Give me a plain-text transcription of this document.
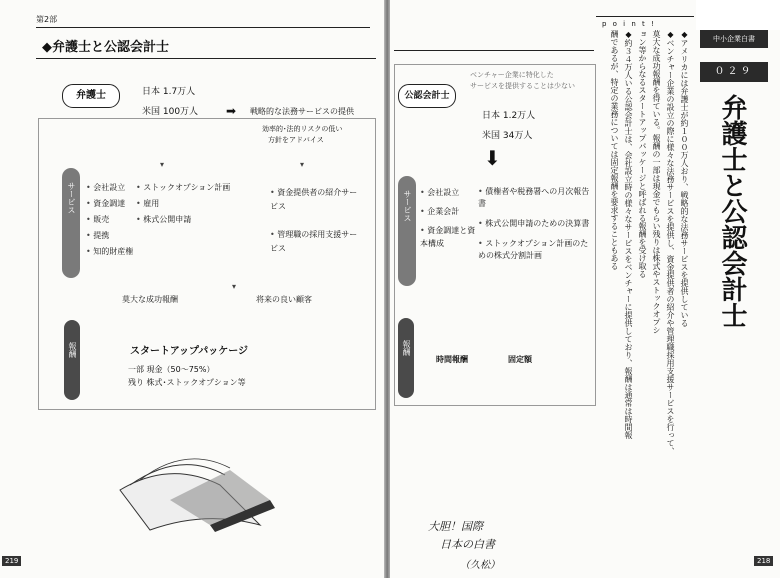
第2部
◆弁護士と公認会計士
弁護士	日本 1.7万人
米国 100万人 ➡ 戦略的な法務サービスの提供
効率的･法的リスクの低い
方針をアドバイス
サービス • 会社設立
• 資金調達
• 販売
• 提携
• 知的財産権
• ストックオプション計画
• 雇用
• 株式公開申請
• 資金提供者の紹介サービス
• 管理職の採用支援サービス
▾	▾
莫大な成功報酬	将来の良い顧客
▾
報酬	スタートアップパッケージ
一部 現金（50〜75%）
残り 株式･ストックオプション等
219
公認会計士
ベンチャー企業に特化した
サービスを提供することは少ない
日本 1.2万人
米国 34万人
⬇
サービス • 会社設立
• 企業会計
• 資金調達と資本構成
• 債権者や税務署への月次報告書
• 株式公開申請のための決算書
• ストックオプション計画のための株式分割計画
報酬
時間報酬	固定額
p o i n t !
◆アメリカには弁護士が約１００万人おり、戦略的な法務サービスを提供している
◆ベンチャー企業の設立の際に様々な法務サービスを提供し、資金提供者の紹介や管理職採用支援サービスを行って、
莫大な成功報酬を得ている。報酬の一部は現金でもらい残りは株式やストックオプシ
ョン等からなるスタートアップパッケージと呼ばれる報酬を受け取る
◆約３４万人いる公認会計士は、会社設立時の様々なサービスをベンチャーに提供しており、報酬は通常は時間報
酬であるが、特定の業務については固定報酬を要求することもある	中小企業白書
０２９
弁護士と公認会計士
大胆！国際
日本の白書
（久松）	218
